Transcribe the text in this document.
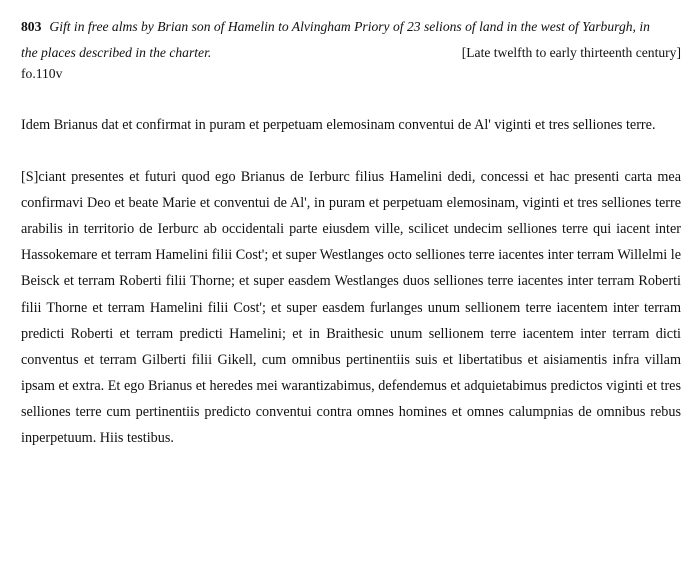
803 Gift in free alms by Brian son of Hamelin to Alvingham Priory of 23 selions of land in the west of Yarburgh, in
the places described in the charter.	[Late twelfth to early thirteenth century]
fo.110v

Idem Brianus dat et confirmat in puram et perpetuam elemosinam conventui de Al' viginti et tres selliones terre.

[S]ciant presentes et futuri quod ego Brianus de Ierburc filius Hamelini dedi, concessi et hac presenti carta mea confirmavi Deo et beate Marie et conventui de Al', in puram et perpetuam elemosinam, viginti et tres selliones terre arabilis in territorio de Ierburc ab occidentali parte eiusdem ville, scilicet undecim selliones terre qui iacent inter Hassokemare et terram Hamelini filii Cost'; et super Westlanges octo selliones terre iacentes inter terram Willelmi le Beisck et terram Roberti filii Thorne; et super easdem Westlanges duos selliones terre iacentes inter terram Roberti filii Thorne et terram Hamelini filii Cost'; et super easdem furlanges unum sellionem terre iacentem inter terram predicti Roberti et terram predicti Hamelini; et in Braithesic unum sellionem terre iacentem inter terram dicti conventus et terram Gilberti filii Gikell, cum omnibus pertinentiis suis et libertatibus et aisiamentis infra villam ipsam et extra. Et ego Brianus et heredes mei warantizabimus, defendemus et adquietabimus predictos viginti et tres selliones terre cum pertinentiis predicto conventui contra omnes homines et omnes calumpnias de omnibus rebus inperpetuum. Hiis testibus.
